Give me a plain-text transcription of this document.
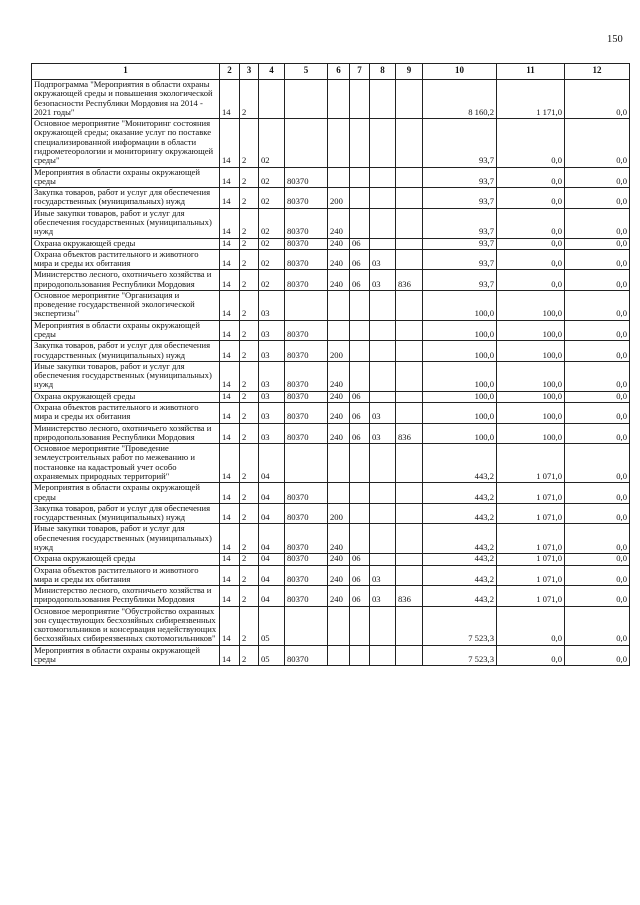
150
1	2	3	4	5	6	7	8	9	10	11	12
Подпрограмма "Мероприятия в области охраны окружающей среды и повышения экологической безопасности Республики Мордовия на 2014 - 2021 годы"	14	2							8 160,2	1 171,0	0,0
Основное мероприятие "Мониторинг состояния окружающей среды; оказание услуг по поставке специализированной информации в области гидрометеорологии и мониторингу окружающей среды"	14	2	02						93,7	0,0	0,0
Мероприятия в области охраны окружающей среды	14	2	02	80370					93,7	0,0	0,0
Закупка товаров, работ и услуг для обеспечения государственных (муниципальных) нужд	14	2	02	80370	200				93,7	0,0	0,0
Иные закупки товаров, работ и услуг для обеспечения государственных (муниципальных) нужд	14	2	02	80370	240				93,7	0,0	0,0
Охрана окружающей среды	14	2	02	80370	240	06			93,7	0,0	0,0
Охрана объектов растительного и животного мира и среды их обитания	14	2	02	80370	240	06	03		93,7	0,0	0,0
Министерство лесного, охотничьего хозяйства и природопользования Республики Мордовия	14	2	02	80370	240	06	03	836	93,7	0,0	0,0
Основное мероприятие "Организация и проведение государственной экологической экспертизы"	14	2	03						100,0	100,0	0,0
Мероприятия в области охраны окружающей среды	14	2	03	80370					100,0	100,0	0,0
Закупка товаров, работ и услуг для обеспечения государственных (муниципальных) нужд	14	2	03	80370	200				100,0	100,0	0,0
Иные закупки товаров, работ и услуг для обеспечения государственных (муниципальных) нужд	14	2	03	80370	240				100,0	100,0	0,0
Охрана окружающей среды	14	2	03	80370	240	06			100,0	100,0	0,0
Охрана объектов растительного и животного мира и среды их обитания	14	2	03	80370	240	06	03		100,0	100,0	0,0
Министерство лесного, охотничьего хозяйства и природопользования Республики Мордовия	14	2	03	80370	240	06	03	836	100,0	100,0	0,0
Основное мероприятие "Проведение землеустроительных работ по межеванию и постановке на кадастровый учет особо охраняемых природных территорий"	14	2	04						443,2	1 071,0	0,0
Мероприятия в области охраны окружающей среды	14	2	04	80370					443,2	1 071,0	0,0
Закупка товаров, работ и услуг для обеспечения государственных (муниципальных) нужд	14	2	04	80370	200				443,2	1 071,0	0,0
Иные закупки товаров, работ и услуг для обеспечения государственных (муниципальных) нужд	14	2	04	80370	240				443,2	1 071,0	0,0
Охрана окружающей среды	14	2	04	80370	240	06			443,2	1 071,0	0,0
Охрана объектов растительного и животного мира и среды их обитания	14	2	04	80370	240	06	03		443,2	1 071,0	0,0
Министерство лесного, охотничьего хозяйства и природопользования Республики Мордовия	14	2	04	80370	240	06	03	836	443,2	1 071,0	0,0
Основное мероприятие "Обустройство охранных зон существующих бесхозяйных сибиреязвенных скотомогильников и консервация недействующих бесхозяйных сибиреязвенных скотомогильников"	14	2	05						7 523,3	0,0	0,0
Мероприятия в области охраны окружающей среды	14	2	05	80370					7 523,3	0,0	0,0
